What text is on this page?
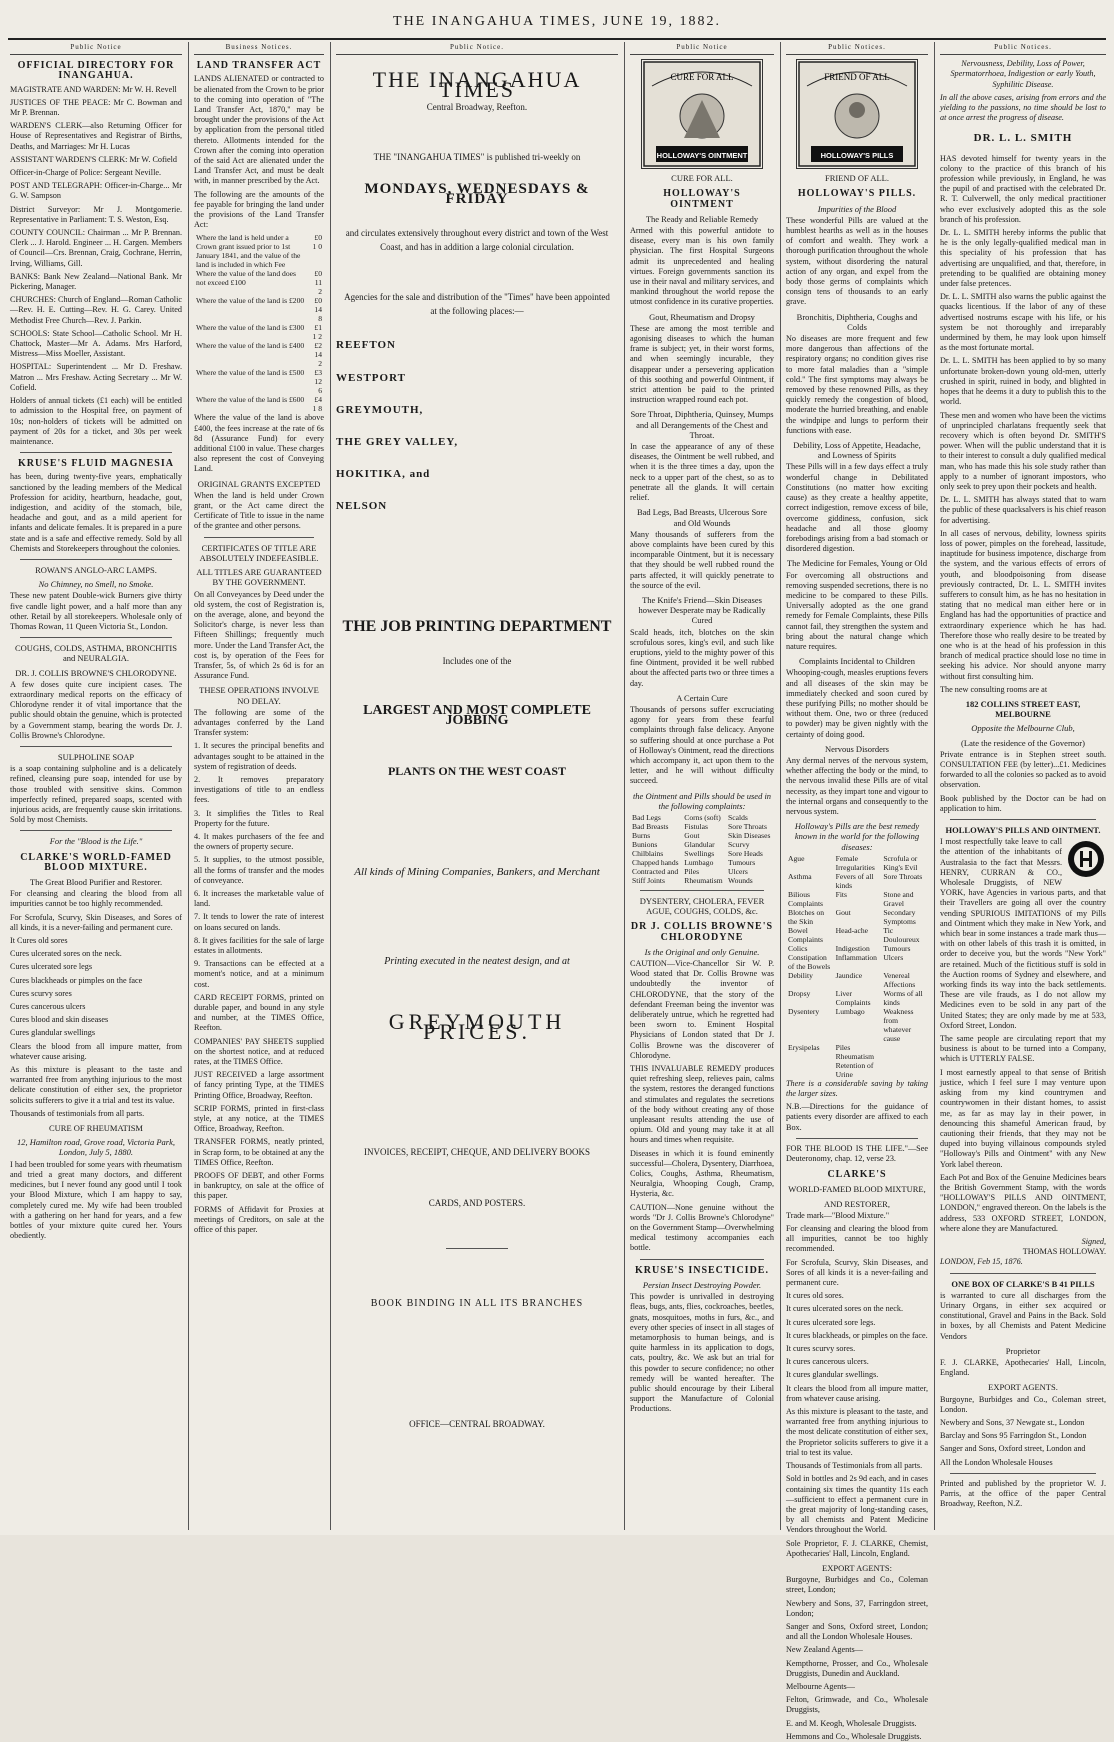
THE INANGAHUA TIMES, JUNE 19, 1882.
Public Notice
OFFICIAL DIRECTORY FOR INANGAHUA.

MAGISTRATE AND WARDEN: Mr W. H. Revell

JUSTICES OF THE PEACE: Mr C. Bowman and Mr P. Brennan.

WARDEN'S CLERK—also Returning Officer for House of Representatives and Registrar of Births, Deaths, and Marriages: Mr H. Lucas

ASSISTANT WARDEN'S CLERK: Mr W. Cofield

Officer-in-Charge of Police: Sergeant Neville.

POST AND TELEGRAPH: Officer-in-Charge... Mr G. W. Sampson

District Surveyor: Mr J. Montgomerie. Representative in Parliament: T. S. Weston, Esq.

COUNTY COUNCIL: Chairman ... Mr P. Brennan. Clerk ... J. Harold. Engineer ... H. Cargen. Members of Council—Crs. Brennan, Craig, Cochrane, Herrin, Irving, Williams, Gill.

BANKS: Bank New Zealand—National Bank. Mr Pickering, Manager.

CHURCHES: Church of England—Roman Catholic—Rev. H. E. Cutting—Rev. H. G. Carey. United Methodist Free Church—Rev. J. Parkin.

SCHOOLS: State School—Catholic School. Mr H. Chattock, Master—Mr A. Adams. Mrs Harford, Mistress—Miss Moeller, Assistant.

HOSPITAL: Superintendent ... Mr D. Freshaw. Matron ... Mrs Freshaw. Acting Secretary ... Mr W. Cofield.

Holders of annual tickets (£1 each) will be entitled to admission to the Hospital free, on payment of 10s; non-holders of tickets will be admitted on payment of 20s for a ticket, and 30s per week maintenance.

KRUSE'S FLUID MAGNESIA

has been, during twenty-five years, emphatically sanctioned by the leading members of the Medical Profession for acidity, heartburn, headache, gout, indigestion, and acidity of the stomach, bile, headache and gout, and as a mild aperient for infants and delicate females. It is prepared in a pure state and is a safe and effective remedy. Sold by all Chemists and Storekeepers throughout the colonies.

ROWAN'S ANGLO-ARC LAMPS.
No Chimney, no Smell, no Smoke.

These new patent Double-wick Burners give thirty five candle light power, and a half more than any other. Retail by all storekeepers. Wholesale only of Thomas Rowan, 11 Queen Victoria St., London.

COUGHS, COLDS, ASTHMA, BRONCHITIS and NEURALGIA.
DR. J. COLLIS BROWNE'S CHLORODYNE.

A few doses quite cure incipient cases. The extraordinary medical reports on the efficacy of Chlorodyne render it of vital importance that the public should obtain the genuine, which is protected by a Government stamp, bearing the words Dr. J. Collis Browne's Chlorodyne.

SULPHOLINE SOAP

is a soap containing sulpholine and is a delicately refined, cleansing pure soap, intended for use by those troubled with sensitive skins. Common imperfectly refined, prepared soaps, scented with injurious acids, are frequently cause skin irritations. Sold by most Chemists.

For the "Blood is the Life."
CLARKE'S WORLD-FAMED BLOOD MIXTURE.
The Great Blood Purifier and Restorer.

For cleansing and clearing the blood from all impurities cannot be too highly recommended.

For Scrofula, Scurvy, Skin Diseases, and Sores of all kinds, it is a never-failing and permanent cure.

It Cures old sores

Cures ulcerated sores on the neck.

Cures ulcerated sore legs

Cures blackheads or pimples on the face

Cures scurvy sores

Cures cancerous ulcers

Cures blood and skin diseases

Cures glandular swellings

Clears the blood from all impure matter, from whatever cause arising.

As this mixture is pleasant to the taste and warranted free from anything injurious to the most delicate constitution of either sex, the proprietor solicits sufferers to give it a trial and test its value.

Thousands of testimonials from all parts.

CURE OF RHEUMATISM
12, Hamilton road, Grove road, Victoria Park, London, July 5, 1880.

I had been troubled for some years with rheumatism and tried a great many doctors, and different medicines, but I never found any good until I took your Blood Mixture, which I am happy to say, completely cured me. My wife had been troubled with a gathering on her hand for years, and a few bottles of your mixture quite cured her. Yours obediently.

Business Notices.
LAND TRANSFER ACT

LANDS ALIENATED or contracted to be alienated from the Crown to be prior to the coming into operation of "The Land Transfer Act, 1870," may be brought under the provisions of the Act by application from the personal titled thereto. Allotments intended for the Crown after the coming into operation of the said Act are alienated under the Land Transfer Act, and must be dealt with, in manner prescribed by the Act.

The following are the amounts of the fee payable for bringing the land under the provisions of the Land Transfer Act:

Where the land is held under a Crown grant issued prior to 1st January 1841, and the value of the land is included in which Fee	£0 1 0
Where the value of the land does not exceed £100	£0 11 2
Where the value of the land is £200	£0 14 8
Where the value of the land is £300	£1 1 2
Where the value of the land is £400	£2 14 2
Where the value of the land is £500	£3 12 6
Where the value of the land is £600	£4 1 8

Where the value of the land is above £400, the fees increase at the rate of 6s 8d (Assurance Fund) for every additional £100 in value. These charges also represent the cost of Conveying Land.

ORIGINAL GRANTS EXCEPTED

When the land is held under Crown grant, or the Act came direct the Certificate of Title to issue in the name of the grantee and other persons.

CERTIFICATES OF TITLE ARE ABSOLUTELY INDEFEASIBLE.
ALL TITLES ARE GUARANTEED BY THE GOVERNMENT.

On all Conveyances by Deed under the old system, the cost of Registration is, on the average, alone, and beyond the Solicitor's charge, is never less than Fifteen Shillings; frequently much more. Under the Land Transfer Act, the cost is, by operation of the Fees for Transfer, 5s, of which 2s 6d is for an Assurance Fund.

THESE OPERATIONS INVOLVE NO DELAY.

The following are some of the advantages conferred by the Land Transfer system:

1. It secures the principal benefits and advantages sought to be attained in the system of registration of deeds.

2. It removes preparatory investigations of title to an endless fees.

3. It simplifies the Titles to Real Property for the future.

4. It makes purchasers of the fee and the owners of property secure.

5. It supplies, to the utmost possible, all the forms of transfer and the modes of conveyance.

6. It increases the marketable value of land.

7. It tends to lower the rate of interest on loans secured on lands.

8. It gives facilities for the sale of large estates in allotments.

9. Transactions can be effected at a moment's notice, and at a minimum cost.

CARD RECEIPT FORMS, printed on durable paper, and bound in any style and number, at the TIMES Office, Reefton.

COMPANIES' PAY SHEETS supplied on the shortest notice, and at reduced rates, at the TIMES Office.

JUST RECEIVED a large assortment of fancy printing Type, at the TIMES Printing Office, Broadway, Reefton.

SCRIP FORMS, printed in first-class style, at any notice, at the TIMES Office, Broadway, Reefton.

TRANSFER FORMS, neatly printed, in Scrap form, to be obtained at any the TIMES Office, Reefton.

PROOFS OF DEBT, and other Forms in bankruptcy, on sale at the office of this paper.

FORMS of Affidavit for Proxies at meetings of Creditors, on sale at the office of this paper.

Public Notice.
THE INANGAHUA TIMES
Central Broadway, Reefton.
THE "INANGAHUA TIMES" is published tri-weekly on
MONDAYS, WEDNESDAYS & FRIDAY

and circulates extensively throughout every district and town of the West Coast, and has in addition a large colonial circulation.

Agencies for the sale and distribution of the "Times" have been appointed at the following places:—

REEFTON

WESTPORT

GREYMOUTH,

THE GREY VALLEY,

HOKITIKA, and

NELSON

THE JOB PRINTING DEPARTMENT
Includes one of the
LARGEST AND MOST COMPLETE JOBBING
PLANTS ON THE WEST COAST
All kinds of Mining Companies, Bankers, and Merchant
Printing executed in the neatest design, and at
GREYMOUTH PRICES.
INVOICES, RECEIPT, CHEQUE, AND DELIVERY BOOKS
CARDS, AND POSTERS.
BOOK BINDING IN ALL ITS BRANCHES
OFFICE—CENTRAL BROADWAY.
Public Notice
CURE FOR ALL
HOLLOWAY'S OINTMENT
CURE FOR ALL.
HOLLOWAY'S OINTMENT
The Ready and Reliable Remedy

Armed with this powerful antidote to disease, every man is his own family physician. The first Hospital Surgeons admit its unprecedented and healing virtues. Foreign governments sanction its use in their naval and military services, and mankind throughout the world repose the utmost confidence in its curative properties.

Gout, Rheumatism and Dropsy

These are among the most terrible and agonising diseases to which the human frame is subject; yet, in their worst forms, and when seemingly incurable, they disappear under a persevering application of this soothing and powerful Ointment, if strict attention be paid to the printed instruction wrapped round each pot.

Sore Throat, Diphtheria, Quinsey, Mumps and all Derangements of the Chest and Throat.

In case the appearance of any of these diseases, the Ointment be well rubbed, and when it is the three times a day, upon the neck to a upper part of the chest, so as to penetrate all the glands. It will certain relief.

Bad Legs, Bad Breasts, Ulcerous Sore and Old Wounds

Many thousands of sufferers from the above complaints have been cured by this incomparable Ointment, but it is necessary that they should be well rubbed round the parts affected, it will quickly penetrate to the source of the evil.

The Knife's Friend—Skin Diseases however Desperate may be Radically Cured

Scald heads, itch, blotches on the skin scrofulous sores, king's evil, and such like eruptions, yield to the mighty power of this fine Ointment, provided it be well rubbed about the affected parts two or three times a day.

A Certain Cure

Thousands of persons suffer excruciating agony for years from these fearful complaints through false delicacy. Anyone so suffering should at once purchase a Pot of Holloway's Ointment, read the directions which accompany it, act upon them to the letter, and he will without difficulty succeed.

the Ointment and Pills should be used in the following complaints:
Bad Legs	Corns (soft)	Scalds
Bad Breasts	Fistulas	Sore Throats
Burns	Gout	Skin Diseases
Bunions	Glandular	Scurvy
Chilblains	Swellings	Sore Heads
Chapped hands	Lumbago	Tumours
Contracted and	Piles	Ulcers
Stiff Joints	Rheumatism	Wounds
DYSENTERY, CHOLERA, FEVER AGUE, COUGHS, COLDS, &c.
DR J. COLLIS BROWNE'S CHLORODYNE
Is the Original and only Genuine.

CAUTION—Vice-Chancellor Sir W. P. Wood stated that Dr. Collis Browne was undoubtedly the inventor of CHLORODYNE, that the story of the defendant Freeman being the inventor was deliberately untrue, which he regretted had been sworn to. Eminent Hospital Physicians of London stated that Dr J. Collis Browne was the discoverer of Chlorodyne.

THIS INVALUABLE REMEDY produces quiet refreshing sleep, relieves pain, calms the system, restores the deranged functions and stimulates and regulates the secretions of the body without creating any of those unpleasant results attending the use of opium. Old and young may take it at all hours and times when requisite.

Diseases in which it is found eminently successful—Cholera, Dysentery, Diarrhoea, Colics, Coughs, Asthma, Rheumatism, Neuralgia, Whooping Cough, Cramp, Hysteria, &c.

CAUTION—None genuine without the words "Dr J. Collis Browne's Chlorodyne" on the Government Stamp—Overwhelming medical testimony accompanies each bottle.

KRUSE'S INSECTICIDE.
Persian Insect Destroying Powder.

This powder is unrivalled in destroying fleas, bugs, ants, flies, cockroaches, beetles, gnats, mosquitoes, moths in furs, &c., and every other species of insect in all stages of metamorphosis to human beings, and is quite harmless in its application to dogs, cats, poultry, &c. We ask but an trial for this powder to secure confidence; no other remedy will be wanted hereafter. The public should encourage by their Liberal support the Manufacture of Colonial Productions.

Public Notices.
FRIEND OF ALL
HOLLOWAY'S PILLS
FRIEND OF ALL.
HOLLOWAY'S PILLS.
Impurities of the Blood

These wonderful Pills are valued at the humblest hearths as well as in the houses of comfort and wealth. They work a thorough purification throughout the whole system, without disordering the natural action of any organ, and expel from the body those germs of complaints which consign tens of thousands to an early grave.

Bronchitis, Diphtheria, Coughs and Colds

No diseases are more frequent and few more dangerous than affections of the respiratory organs; no condition gives rise to more fatal maladies than a "simple cold." The first symptoms may always be removed by these renowned Pills, as they quickly remedy the congestion of blood, moderate the hurried breathing, and enable the windpipe and lungs to perform their functions with ease.

Debility, Loss of Appetite, Headache, and Lowness of Spirits

These Pills will in a few days effect a truly wonderful change in Debilitated Constitutions (no matter how exciting cause) as they create a healthy appetite, correct indigestion, remove excess of bile, overcome giddiness, confusion, sick headache and all those gloomy forebodings arising from a bad stomach or disordered digestion.

The Medicine for Females, Young or Old

For overcoming all obstructions and removing suspended secretions, there is no medicine to be compared to these Pills. Universally adopted as the one grand remedy for Female Complaints, these Pills cannot fail, they strengthen the system and bring about the natural change which nature requires.

Complaints Incidental to Children

Whooping-cough, measles eruptions fevers and all diseases of the skin may be immediately checked and soon cured by these purifying Pills; no mother should be without them. One, two or three (reduced to powder) may be given nightly with the certainty of doing good.

Nervous Disorders

Any dermal nerves of the nervous system, whether affecting the body or the mind, to the nervous invalid these Pills are of vital necessity, as they impart tone and vigour to the internal organs and consequently to the nervous system.

Holloway's Pills are the best remedy known in the world for the following diseases:
Ague	Female Irregularities	Scrofula or King's Evil
Asthma	Fevers of all kinds	Sore Throats
Bilious Complaints	Fits	Stone and Gravel
Blotches on the Skin	Gout	Secondary Symptoms
Bowel Complaints	Head-ache	Tic Douloureux
Colics	Indigestion	Tumours
Constipation of the Bowels	Inflammation	Ulcers
Debility	Jaundice	Venereal Affections
Dropsy	Liver Complaints	Worms of all kinds
Dysentery	Lumbago	Weakness from whatever cause
Erysipelas	Piles	
	Rheumatism	
	Retention of Urine	

There is a considerable saving by taking the larger sizes.

N.B.—Directions for the guidance of patients every disorder are affixed to each Box.

FOR THE BLOOD IS THE LIFE."—See Deuteronomy, chap. 12, verse 23.

CLARKE'S
WORLD-FAMED BLOOD MIXTURE,
AND RESTORER,

Trade mark—"Blood Mixture."

For cleansing and clearing the blood from all impurities, cannot be too highly recommended.

For Scrofula, Scurvy, Skin Diseases, and Sores of all kinds it is a never-failing and permanent cure.

It cures old sores.

It cures ulcerated sores on the neck.

It cures ulcerated sore legs.

It cures blackheads, or pimples on the face.

It cures scurvy sores.

It cures cancerous ulcers.

It cures glandular swellings.

It clears the blood from all impure matter, from whatever cause arising.

As this mixture is pleasant to the taste, and warranted free from anything injurious to the most delicate constitution of either sex, the Proprietor solicits sufferers to give it a trial to test its value.

Thousands of Testimonials from all parts.

Sold in bottles and 2s 9d each, and in cases containing six times the quantity 11s each—sufficient to effect a permanent cure in the great majority of long-standing cases, by all chemists and Patent Medicine Vendors throughout the World.

Sole Proprietor, F. J. CLARKE, Chemist, Apothecaries' Hall, Lincoln, England.

EXPORT AGENTS:

Burgoyne, Burbidges and Co., Coleman street, London;

Newbery and Sons, 37, Farringdon street, London;

Sanger and Sons, Oxford street, London; and all the London Wholesale Houses.

New Zealand Agents—

Kempthorne, Prosser, and Co., Wholesale Druggists, Dunedin and Auckland.

Melbourne Agents—

Felton, Grimwade, and Co., Wholesale Druggists,

E. and M. Keogh, Wholesale Druggists.

Hemmons and Co., Wholesale Druggists.

Public Notices.

Nervousness, Debility, Loss of Power, Spermatorrhoea, Indigestion or early Youth, Syphilitic Disease.

In all the above cases, arising from errors and the yielding to the passions, no time should be lost to at once arrest the progress of disease.

DR. L. L. SMITH

HAS devoted himself for twenty years in the colony to the practice of this branch of his profession while previously, in England, he was the pupil of and practised with the celebrated Dr. R. T. Culverwell, the only medical practitioner who ever exclusively adopted this as the sole branch of his profession.

Dr. L. L. SMITH hereby informs the public that he is the only legally-qualified medical man in this speciality of his profession that has advertising are unqualified, and that, therefore, in pretending to be qualified are obtaining money under false pretences.

Dr. L. L. SMITH also warns the public against the quacks licentious. If the labor of any of these advertised nostrums escape with his life, or his system be not thoroughly and irreparably undermined by them, he may look upon himself as the most fortunate mortal.

Dr. L. L. SMITH has been applied to by so many unfortunate broken-down young old-men, utterly crushed in spirit, ruined in body, and blighted in hopes that he deems it a duty to publish this to the world.

These men and women who have been the victims of unprincipled charlatans frequently seek that recovery which is often beyond Dr. SMITH'S power. When will the public understand that it is to their interest to consult a duly qualified medical man, who has made this his sole study rather than apply to a number of ignorant impostors, who only seek to prey upon their pockets and health.

Dr. L. L. SMITH has always stated that to warn the public of these quacksalvers is his chief reason for advertising.

In all cases of nervous, debility, lowness spirits loss of power, pimples on the forehead, lassitude, inaptitude for business impotence, discharge from the system, and the various effects of errors of youth, and bloodpoisoning from disease previously contracted, Dr. L. L. SMITH invites sufferers to consult him, as he has no hesitation in stating that no medical man either here or in England has had the opportunities of practice and extraordinary experience which he has had. Therefore those who really desire to be treated by one who is at the head of his profession in this branch of medical practice should lose no time in seeking his advice. Nor should anyone marry without first consulting him.

The new consulting rooms are at

182 COLLINS STREET EAST, MELBOURNE
Opposite the Melbourne Club,
(Late the residence of the Governor)

Private entrance is in Stephen street south. CONSULTATION FEE (by letter)...£1. Medicines forwarded to all the colonies so packed as to avoid observation.

Book published by the Doctor can be had on application to him.

HOLLOWAY'S PILLS AND OINTMENT.

I most respectfully take leave to call the attention of the inhabitants of Australasia to the fact that Messrs. HENRY, CURRAN & CO., Wholesale Druggists, of NEW YORK, have Agencies in various parts, and that their Travellers are going all over the country vending SPURIOUS IMITATIONS of my Pills and Ointment which they make in New York, and which bear in some instances a trade mark thus—with on other labels of this trash it is omitted, in order to deceive you, but the words "New York" are retained. Much of the fictitious stuff is sold in the Auction rooms of Sydney and elsewhere, and working finds its way into the back settlements. These are vile frauds, as I do not allow my Medicines even to be sold in any part of the United States; they are only made by me at 533, Oxford Street, London.

The same people are circulating report that my business is about to be turned into a Company, which is UTTERLY FALSE.

I most earnestly appeal to that sense of British justice, which I feel sure I may venture upon asking from my kind countrymen and countrywomen in their distant homes, to assist me, as far as may lay in their power, in denouncing this shameful American fraud, by cautioning their friends, that they may not be duped into buying villainous compounds styled "Holloway's Pills and Ointment" with any New York label thereon.

Each Pot and Box of the Genuine Medicines bears the British Government Stamp, with the words "HOLLOWAY'S PILLS AND OINTMENT, LONDON," engraved thereon. On the labels is the address, 533 OXFORD STREET, LONDON, where alone they are Manufactured.

Signed,
THOMAS HOLLOWAY.
LONDON, Feb 15, 1876.
ONE BOX OF CLARKE'S B 41 PILLS

is warranted to cure all discharges from the Urinary Organs, in either sex acquired or constitutional, Gravel and Pains in the Back. Sold in boxes, by all Chemists and Patent Medicine Vendors

Proprietor

F. J. CLARKE, Apothecaries' Hall, Lincoln, England.

EXPORT AGENTS.

Burgoyne, Burbidges and Co., Coleman street, London.

Newbery and Sons, 37 Newgate st., London

Barclay and Sons 95 Farringdon St., London

Sanger and Sons, Oxford street, London and

All the London Wholesale Houses

Printed and published by the proprietor W. J. Parris, at the office of the paper Central Broadway, Reefton, N.Z.
